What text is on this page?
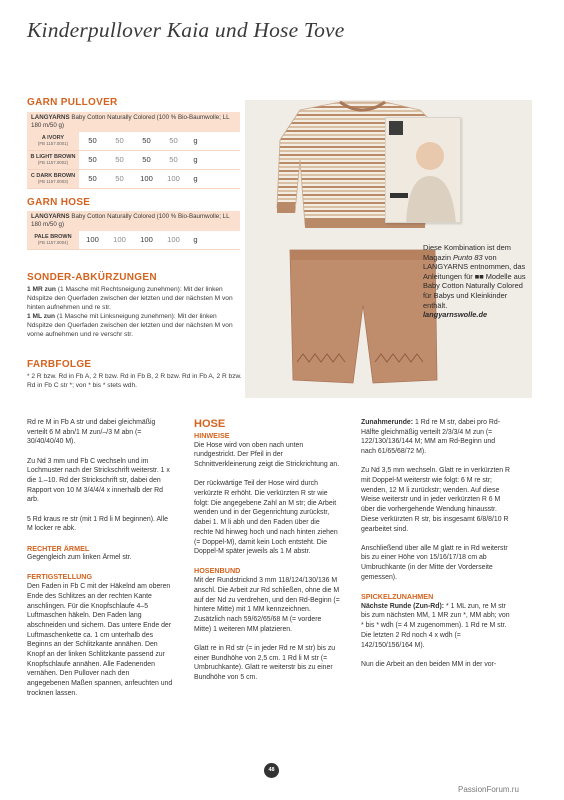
Kinderpullover Kaia und Hose Tove
GARN PULLOVER
LANGYARNS Baby Cotton Naturally Colored (100 % Bio-Baumwolle; LL 180 m/50 g)
A IVORY
(FB 1157.0001)	50	50	50	50	g
B LIGHT BROWN
(FB 1157.0002)	50	50	50	50	g
C DARK BROWN
(FB 1157.0003)	50	50	100	100	g
GARN HOSE
LANGYARNS Baby Cotton Naturally Colored (100 % Bio-Baumwolle; LL 180 m/50 g)
PALE BROWN
(FB 1157.0004)	100	100	100	100	g
SONDER-ABKÜRZUNGEN
1 MR zun (1 Masche mit Rechtsneigung zunehmen): Mit der linken Ndspitze den Querfaden zwischen der letzten und der nächsten M von hinten aufnehmen und re str.
1 ML zun (1 Masche mit Linksneigung zunehmen): Mit der linken Ndspitze den Querfaden zwischen der letzten und der nächsten M von vorne aufnehmen und re verschr str.
FARBFOLGE
* 2 R bzw. Rd in Fb A, 2 R bzw. Rd in Fb B, 2 R bzw. Rd in Fb A, 2 R bzw. Rd in Fb C str *; von * bis * stets wdh.
Diese Kombination ist dem Magazin Punto 83 von LANGYARNS entnommen, das Anleitungen für ■■ Modelle aus Baby Cotton Naturally Colored für Babys und Kleinkinder enthält.
langyarnswolle.de

Rd re M in Fb A str und dabei gleichmäßig verteilt 6 M abn/1 M zun/–/3 M abn (= 30/40/40/40 M).

Zu Nd 3 mm und Fb C wechseln und im Lochmuster nach der Strickschrift weiterstr. 1 x die 1.–10. Rd der Strickschrift str, dabei den Rapport von 10 M 3/4/4/4 x innerhalb der Rd arb.

5 Rd kraus re str (mit 1 Rd li M beginnen). Alle M locker re abk.

RECHTER ÄRMEL

Gegengleich zum linken Ärmel str.

FERTIGSTELLUNG

Den Faden in Fb C mit der Häkelnd am oberen Ende des Schlitzes an der rechten Kante anschlingen. Für die Knopfschlaufe 4–5 Luftmaschen häkeln. Den Faden lang abschneiden und sichern. Das untere Ende der Luftmaschenkette ca. 1 cm unterhalb des Beginns an der Schlitzkante annähen. Den Knopf an der linken Schlitzkante passend zur Knopfschlaufe annähen. Alle Fadenenden vernähen. Den Pullover nach den angegebenen Maßen spannen, anfeuchten und trocknen lassen.

HOSE
HINWEISE

Die Hose wird von oben nach unten rundgestrickt. Der Pfeil in der Schnittverkleinerung zeigt die Strickrichtung an.

Der rückwärtige Teil der Hose wird durch verkürzte R erhöht. Die verkürzten R str wie folgt: Die angegebene Zahl an M str; die Arbeit wenden und in der Gegenrichtung zurückstr, dabei 1. M li abh und den Faden über die rechte Nd hinweg hoch und nach hinten ziehen (= Doppel-M), damit kein Loch entsteht. Die Doppel-M später jeweils als 1 M abstr.

HOSENBUND

Mit der Rundstricknd 3 mm 118/124/130/136 M anschl. Die Arbeit zur Rd schließen, ohne die M auf der Nd zu verdrehen, und den Rd-Beginn (= hintere Mitte) mit 1 MM kennzeichnen. Zusätzlich nach 59/62/65/68 M (= vordere Mitte) 1 weiteren MM platzieren.

Glatt re in Rd str (= in jeder Rd re M str) bis zu einer Bundhöhe von 2,5 cm. 1 Rd li M str (= Umbruchkante). Glatt re weiterstr bis zu einer Bundhöhe von 5 cm.

Zunahmerunde: 1 Rd re M str, dabei pro Rd-Hälfte gleichmäßig verteilt 2/3/3/4 M zun (= 122/130/136/144 M; MM am Rd-Beginn und nach 61/65/68/72 M).

Zu Nd 3,5 mm wechseln. Glatt re in verkürzten R mit Doppel-M weiterstr wie folgt: 6 M re str; wenden, 12 M li zurückstr; wenden. Auf diese Weise weiterstr und in jeder verkürzten R 6 M über die vorhergehende Wendung hinausstr. Diese verkürzten R str, bis insgesamt 6/8/8/10 R gearbeitet sind.

Anschließend über alle M glatt re in Rd weiterstr bis zu einer Höhe von 15/16/17/18 cm ab Umbruchkante (in der Mitte der Vorderseite gemessen).

SPICKELZUNAHMEN

Nächste Runde (Zun-Rd): * 1 ML zun, re M str bis zum nächsten MM, 1 MR zun *, MM abh; von * bis * wdh (= 4 M zugenommen). 1 Rd re M str. Die letzten 2 Rd noch 4 x wdh (= 142/150/156/164 M).

Nun die Arbeit an den beiden MM in der vor-

48
PassionForum.ru
